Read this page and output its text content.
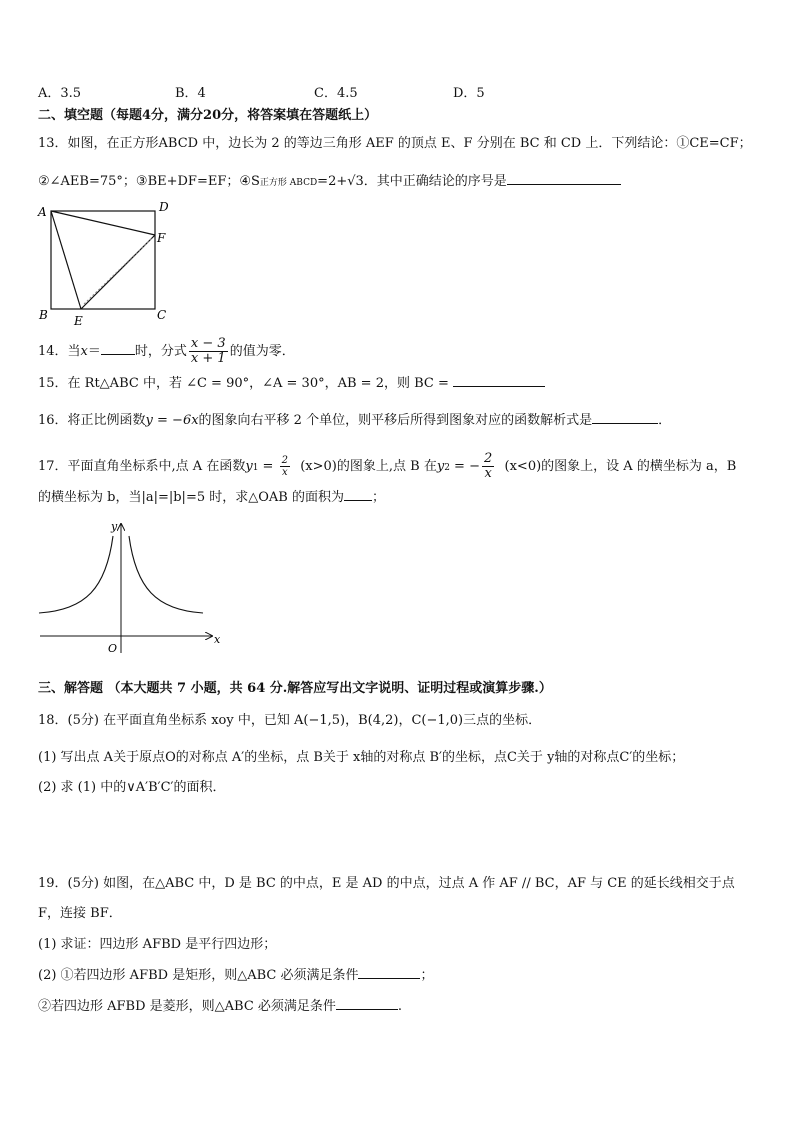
A．3.5	B．4	C．4.5	D．5
二、填空题（每题4分，满分20分，将答案填在答题纸上）
13．如图，在正方形ABCD 中，边长为 2 的等边三角形 AEF 的顶点 E、F 分别在 BC 和 CD 上．下列结论：①CE=CF；
②∠AEB=75°；③BE+DF=EF；④S正方形 ABCD=2+√3．其中正确结论的序号是
A	D
F
B E	C
14．当x＝	时，分式 $\frac{x - 3}{x + 1}$ 的值为零．
15．在 Rt△ABC 中，若 ∠C = 90°，∠A = 30°，AB = 2，则 BC =
16．将正比例函数y = −6x的图象向右平移 2 个单位，则平移后所得到图象对应的函数解析式是	．
17．平面直角坐标系中,点 A 在函数$y1 = \frac{2}{x} (x>0)$的图象上,点 B 在y2 = − $\frac{2}{x} (x<0)$的图象上，设 A 的横坐标为 a，B
的横坐标为 b，当|a|=|b|=5 时，求△OAB 的面积为 ；
y
x
O
三、解答题 （本大题共 7 小题，共 64 分.解答应写出文字说明、证明过程或演算步骤.）
18．(5分) 在平面直角坐标系 xoy 中，已知 A(−1,5)，B(4,2)，C(−1,0)三点的坐标．
(1) 写出点 A关于原点O的对称点 A′的坐标，点 B关于 x轴的对称点 B′的坐标，点C关于 y轴的对称点C′的坐标；
(2) 求 (1) 中的∨A′B′C′的面积．
19．(5分) 如图，在△ABC 中，D 是 BC 的中点，E 是 AD 的中点，过点 A 作 AF // BC，AF 与 CE 的延长线相交于点
F，连接 BF．
(1) 求证：四边形 AFBD 是平行四边形；
(2) ①若四边形 AFBD 是矩形，则△ABC 必须满足条件	；
②若四边形 AFBD 是菱形，则△ABC 必须满足条件	.
